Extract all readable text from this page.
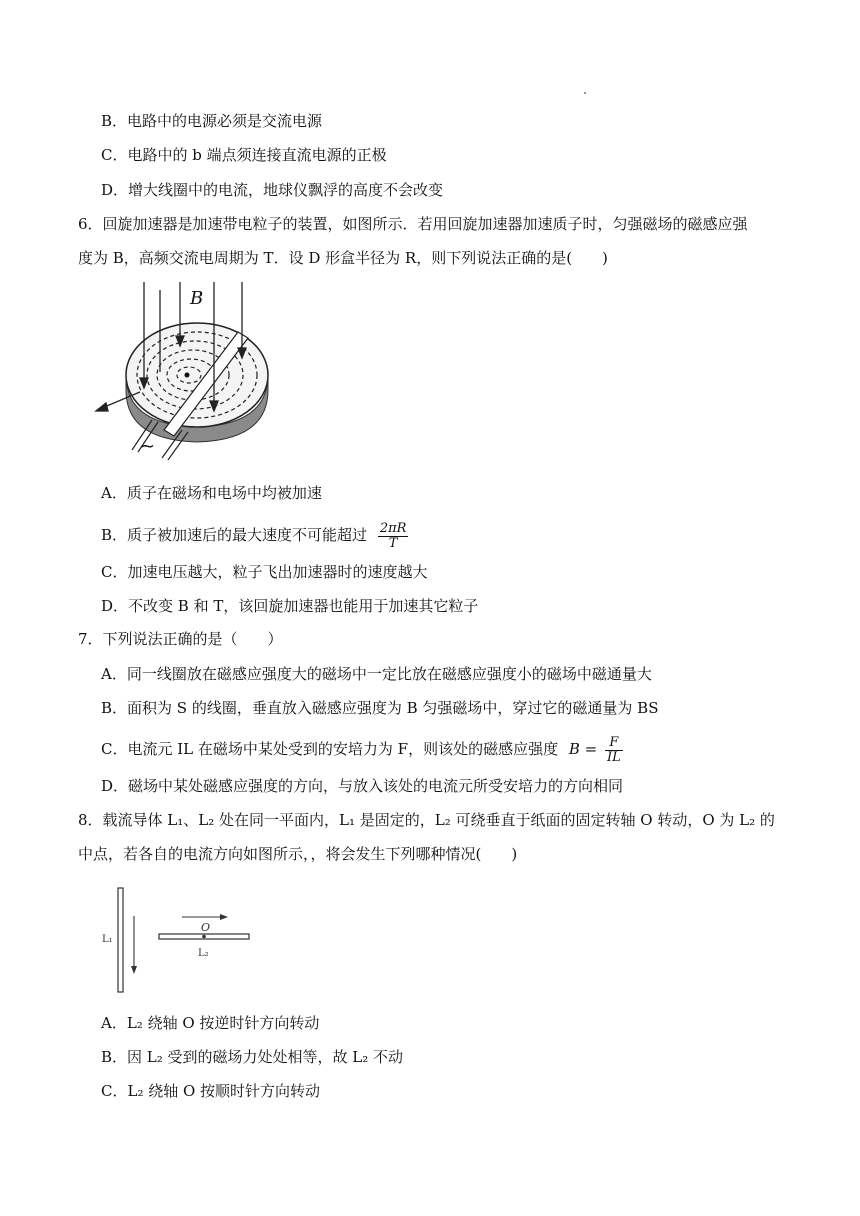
B．电路中的电源必须是交流电源
C．电路中的 b 端点须连接直流电源的正极
D．增大线圈中的电流，地球仪飘浮的高度不会改变
6．回旋加速器是加速带电粒子的装置，如图所示．若用回旋加速器加速质子时，匀强磁场的磁感应强
度为 B，高频交流电周期为 T．设 D 形盒半径为 R，则下列说法正确的是(　　)
B
~
A．质子在磁场和电场中均被加速
B．质子被加速后的最大速度不可能超过 $\frac{2\pi R}{T}$
C．加速电压越大，粒子飞出加速器时的速度越大
D．不改变 B 和 T，该回旋加速器也能用于加速其它粒子
7．下列说法正确的是（　　）
A．同一线圈放在磁感应强度大的磁场中一定比放在磁感应强度小的磁场中磁通量大
B．面积为 S 的线圈，垂直放入磁感应强度为 B 匀强磁场中，穿过它的磁通量为 BS
C．电流元 IL 在磁场中某处受到的安培力为 F，则该处的磁感应强度 $B = \frac{F}{IL}$
D．磁场中某处磁感应强度的方向，与放入该处的电流元所受安培力的方向相同
8．载流导体 L₁、L₂ 处在同一平面内，L₁ 是固定的，L₂ 可绕垂直于纸面的固定转轴 O 转动，O 为 L₂ 的
中点，若各自的电流方向如图所示，，将会发生下列哪种情况(　　)
L₁
O
L₂
A．L₂ 绕轴 O 按逆时针方向转动
B．因 L₂ 受到的磁场力处处相等，故 L₂ 不动
C．L₂ 绕轴 O 按顺时针方向转动
